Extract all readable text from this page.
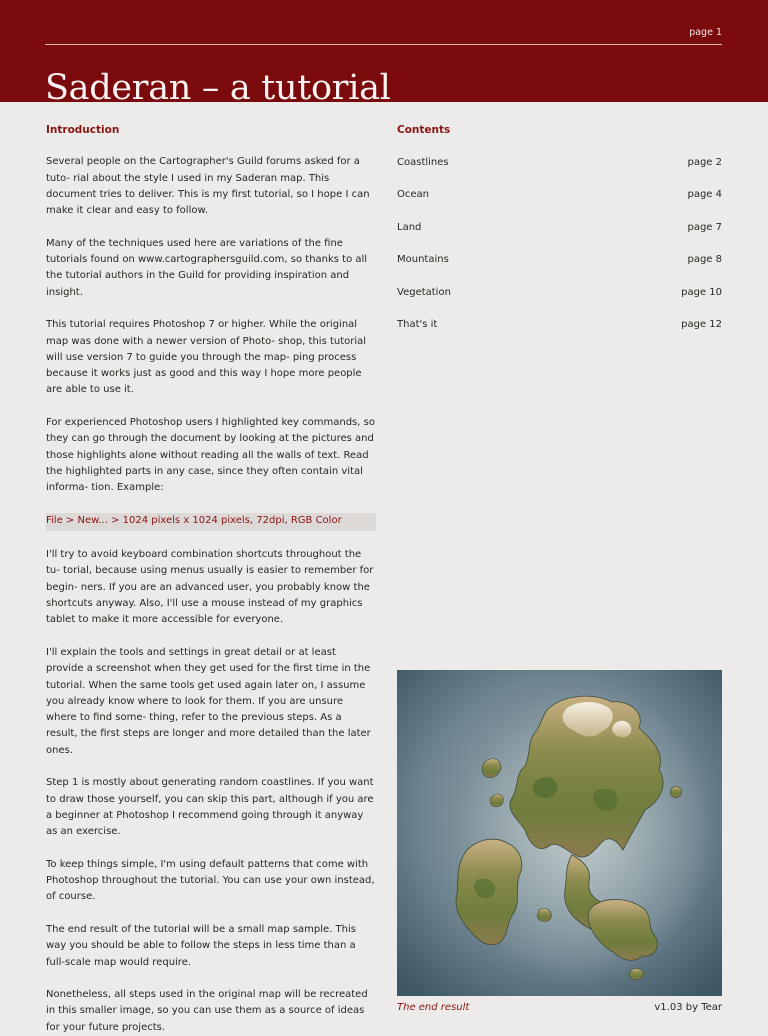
page 1
Saderan – a tutorial
Introduction

Several people on the Cartographer's Guild forums asked for a tuto- rial about the style I used in my Saderan map. This document tries to deliver. This is my first tutorial, so I hope I can make it clear and easy to follow.

Many of the techniques used here are variations of the fine tutorials found on www.cartographersguild.com, so thanks to all the tutorial authors in the Guild for providing inspiration and insight.

This tutorial requires Photoshop 7 or higher. While the original map was done with a newer version of Photo- shop, this tutorial will use version 7 to guide you through the map- ping process because it works just as good and this way I hope more people are able to use it.

For experienced Photoshop users I highlighted key commands, so they can go through the document by looking at the pictures and those highlights alone without reading all the walls of text. Read the highlighted parts in any case, since they often contain vital informa- tion. Example:

File > New... > 1024 pixels x 1024 pixels, 72dpi, RGB Color

I'll try to avoid keyboard combination shortcuts throughout the tu- torial, because using menus usually is easier to remember for begin- ners. If you are an advanced user, you probably know the shortcuts anyway. Also, I'll use a mouse instead of my graphics tablet to make it more accessible for everyone.

I'll explain the tools and settings in great detail or at least provide a screenshot when they get used for the first time in the tutorial. When the same tools get used again later on, I assume you already know where to look for them. If you are unsure where to find some- thing, refer to the previous steps. As a result, the first steps are longer and more detailed than the later ones.

Step 1 is mostly about generating random coastlines. If you want to draw those yourself, you can skip this part, although if you are a beginner at Photoshop I recommend going through it anyway as an exercise.

To keep things simple, I'm using default patterns that come with Photoshop throughout the tutorial. You can use your own instead, of course.

The end result of the tutorial will be a small map sample. This way you should be able to follow the steps in less time than a full-scale map would require.

Nonetheless, all steps used in the original map will be recreated in this smaller image, so you can use them as a source of ideas for your future projects.

Contents
Coastlines	page 2
Ocean	page 4
Land	page 7
Mountains	page 8
Vegetation	page 10
That's it	page 12
The end result	v1.03 by Tear
